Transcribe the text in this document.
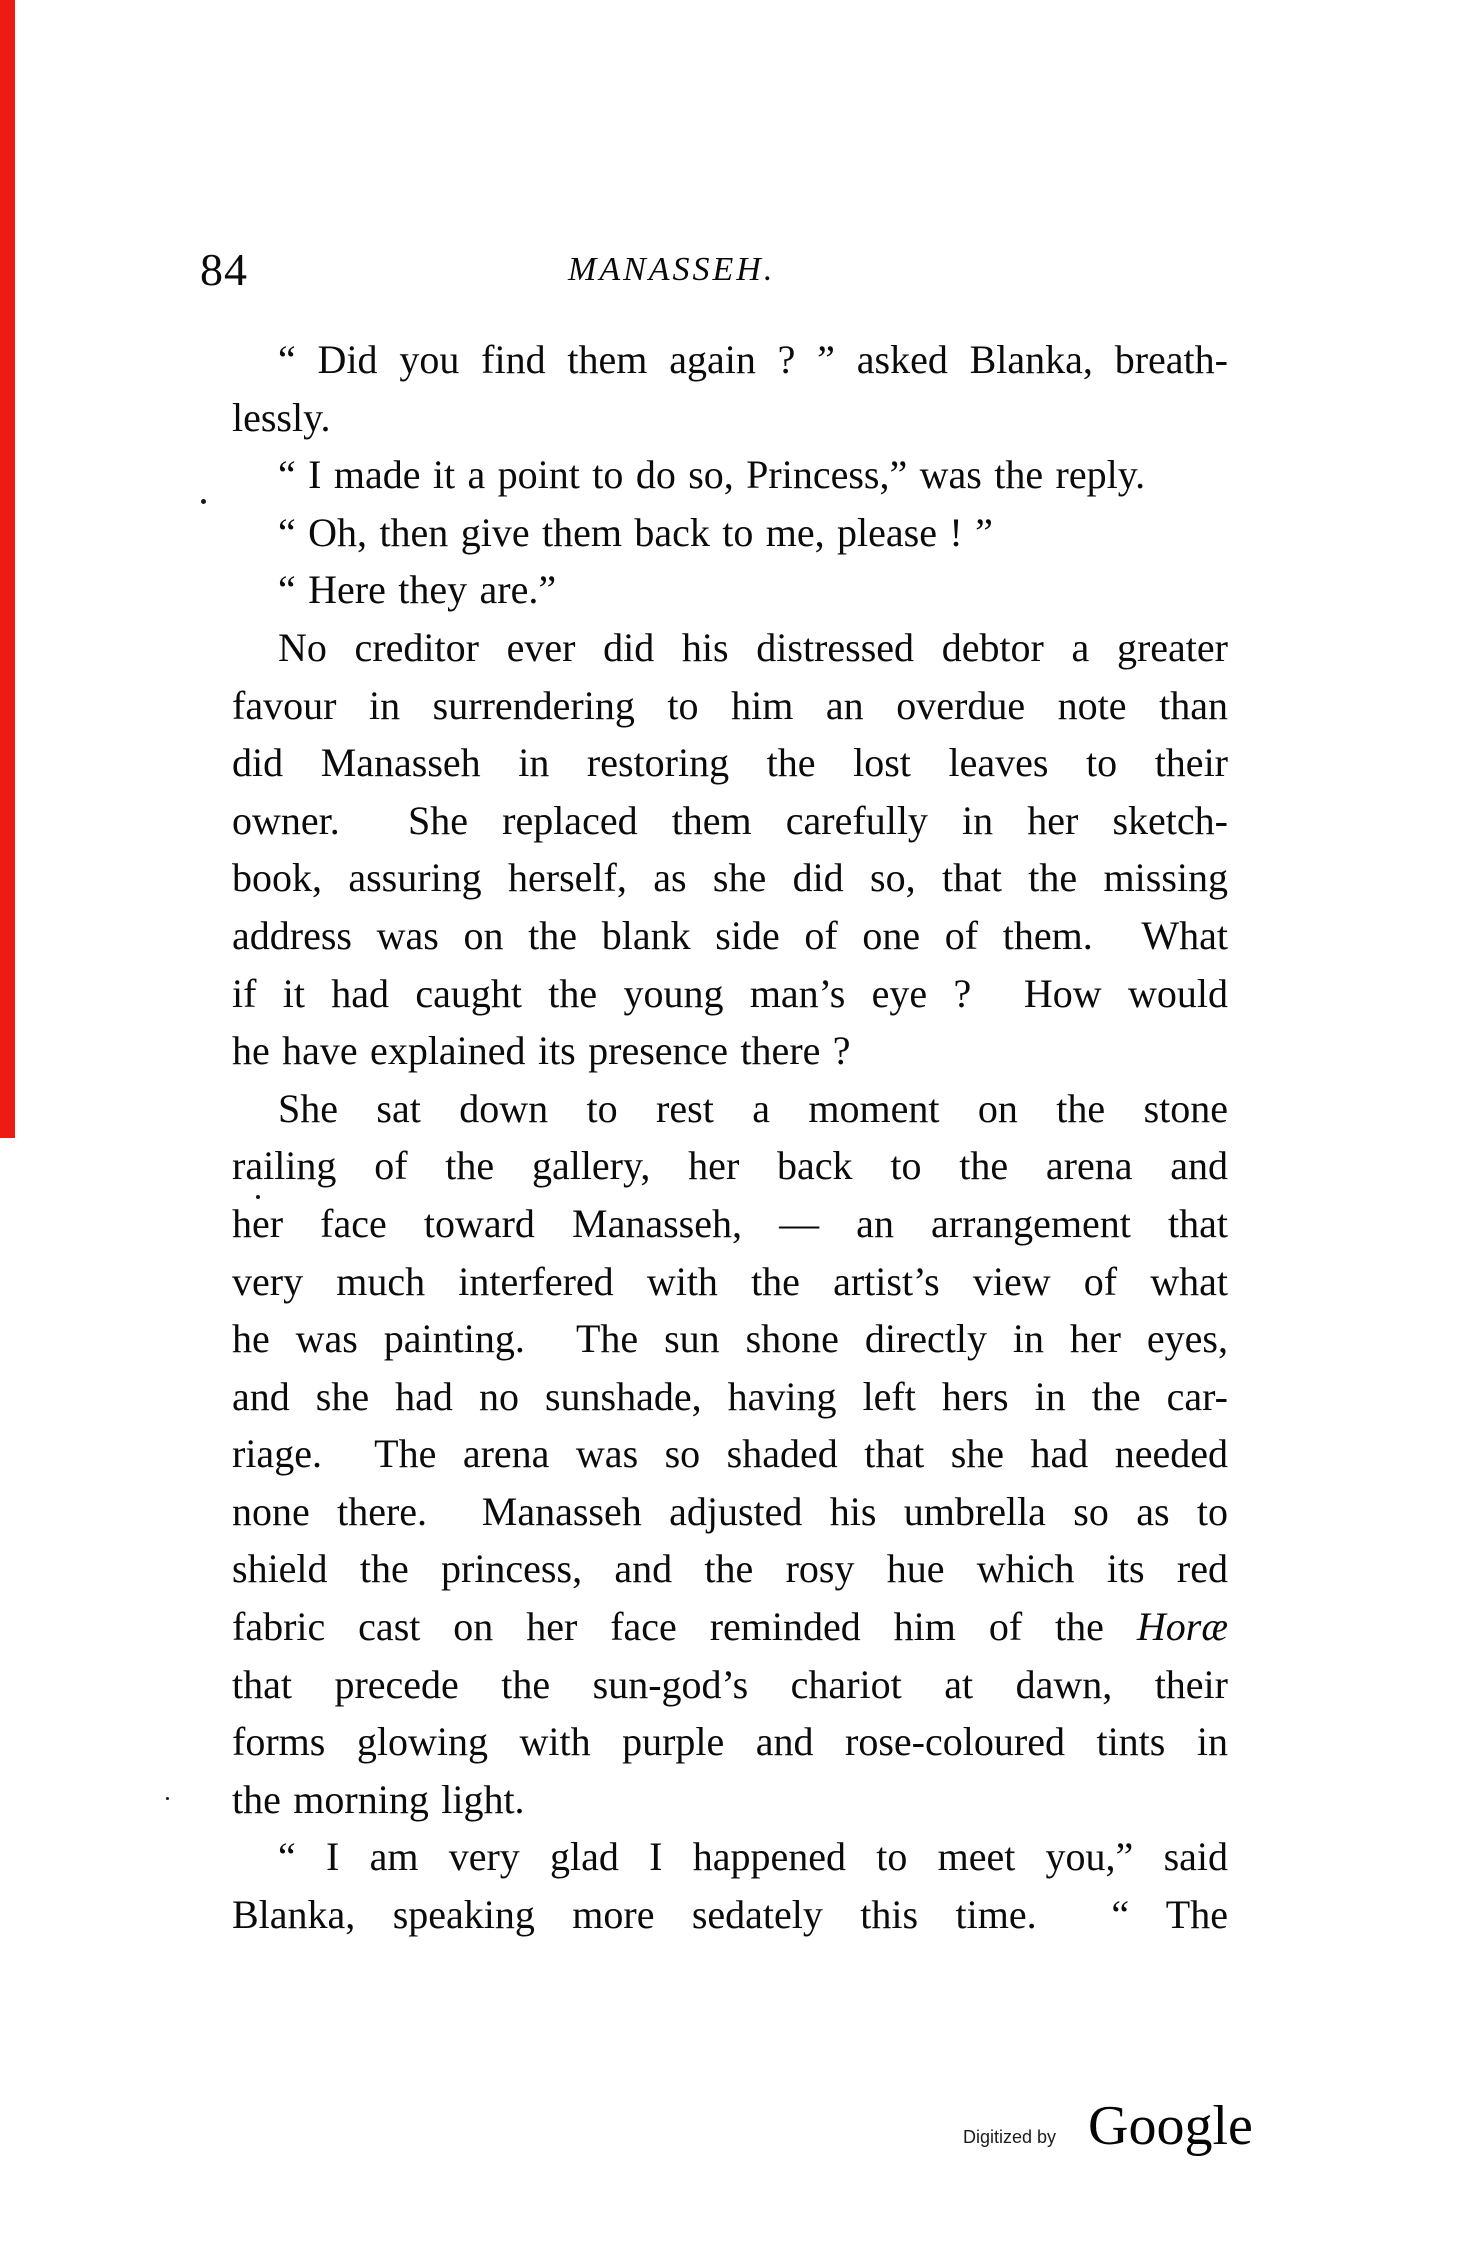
84	MANASSEH.
“ Did you find them again ? ” asked Blanka, breath-
lessly.
“ I made it a point to do so, Princess,” was the reply.
“ Oh, then give them back to me, please ! ”
“ Here they are.”
No creditor ever did his distressed debtor a greater
favour in surrendering to him an overdue note than
did Manasseh in restoring the lost leaves to their
owner.  She replaced them carefully in her sketch-
book, assuring herself, as she did so, that the missing
address was on the blank side of one of them.  What
if it had caught the young man’s eye ?  How would
he have explained its presence there ?
She sat down to rest a moment on the stone
railing of the gallery, her back to the arena and
her face toward Manasseh, — an arrangement that
very much interfered with the artist’s view of what
he was painting.  The sun shone directly in her eyes,
and she had no sunshade, having left hers in the car-
riage.  The arena was so shaded that she had needed
none there.  Manasseh adjusted his umbrella so as to
shield the princess, and the rosy hue which its red
fabric cast on her face reminded him of the Horæ
that precede the sun-god’s chariot at dawn, their
forms glowing with purple and rose-coloured tints in
the morning light.
“ I am very glad I happened to meet you,” said
Blanka, speaking more sedately this time.  “ The
Digitized by Google
